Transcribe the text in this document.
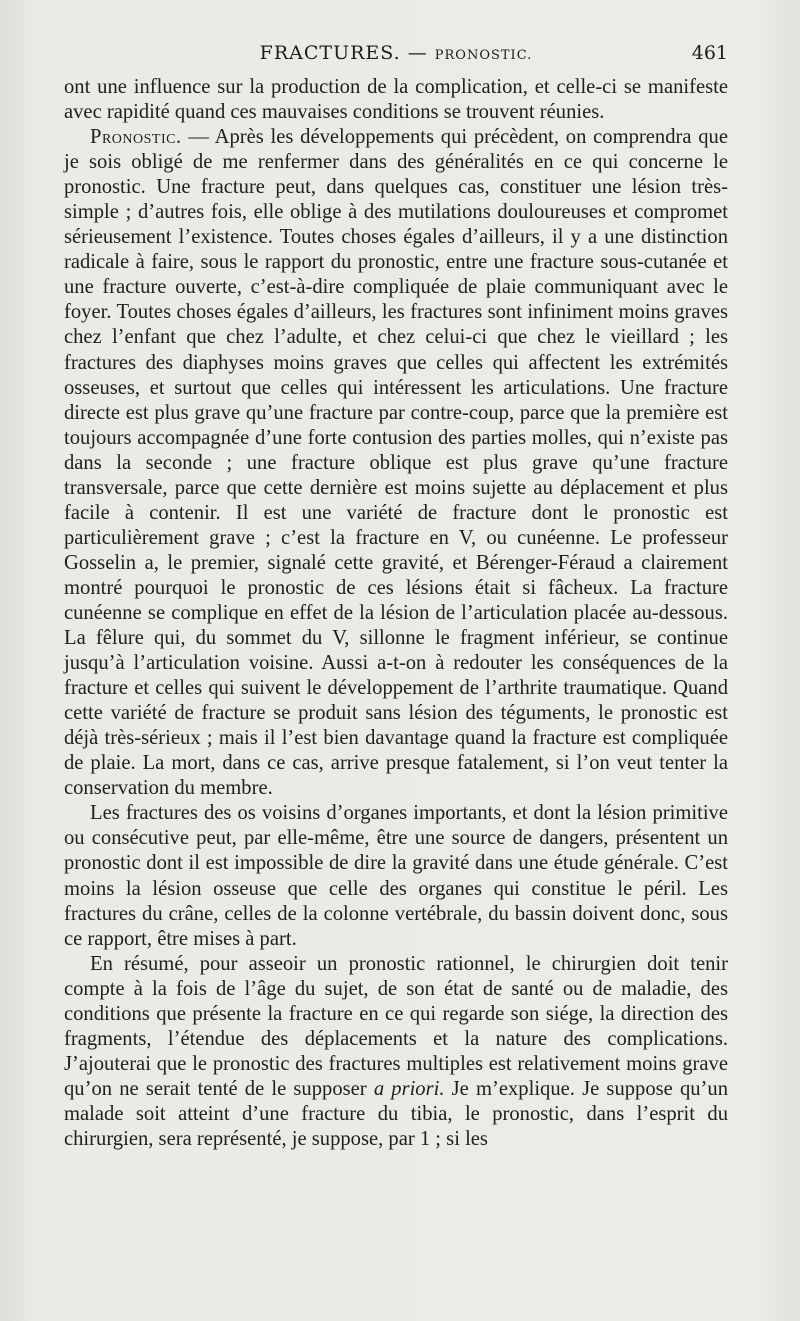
FRACTURES. — PRONOSTIC.	461

ont une influence sur la production de la complication, et celle-ci se manifeste avec rapidité quand ces mauvaises conditions se trouvent réunies.

Pronostic. — Après les développements qui précèdent, on comprendra que je sois obligé de me renfermer dans des généralités en ce qui concerne le pronostic. Une fracture peut, dans quelques cas, constituer une lésion très-simple ; d’autres fois, elle oblige à des mutilations douloureuses et compromet sérieusement l’existence. Toutes choses égales d’ailleurs, il y a une distinction radicale à faire, sous le rapport du pronostic, entre une fracture sous-cutanée et une fracture ouverte, c’est-à-dire compliquée de plaie communiquant avec le foyer. Toutes choses égales d’ailleurs, les fractures sont infiniment moins graves chez l’enfant que chez l’adulte, et chez celui-ci que chez le vieillard ; les fractures des diaphyses moins graves que celles qui affectent les extrémités osseuses, et surtout que celles qui intéressent les articulations. Une fracture directe est plus grave qu’une fracture par contre-coup, parce que la première est toujours accompagnée d’une forte contusion des parties molles, qui n’existe pas dans la seconde ; une fracture oblique est plus grave qu’une fracture transversale, parce que cette dernière est moins sujette au déplacement et plus facile à contenir. Il est une variété de fracture dont le pronostic est particulièrement grave ; c’est la fracture en V, ou cunéenne. Le professeur Gosselin a, le premier, signalé cette gravité, et Bérenger-Féraud a clairement montré pourquoi le pronostic de ces lésions était si fâcheux. La fracture cunéenne se complique en effet de la lésion de l’articulation placée au-dessous. La fêlure qui, du sommet du V, sillonne le fragment inférieur, se continue jusqu’à l’articulation voisine. Aussi a-t-on à redouter les conséquences de la fracture et celles qui suivent le développement de l’arthrite traumatique. Quand cette variété de fracture se produit sans lésion des téguments, le pronostic est déjà très-sérieux ; mais il l’est bien davantage quand la fracture est compliquée de plaie. La mort, dans ce cas, arrive presque fatalement, si l’on veut tenter la conservation du membre.

Les fractures des os voisins d’organes importants, et dont la lésion primitive ou consécutive peut, par elle-même, être une source de dangers, présentent un pronostic dont il est impossible de dire la gravité dans une étude générale. C’est moins la lésion osseuse que celle des organes qui constitue le péril. Les fractures du crâne, celles de la colonne vertébrale, du bassin doivent donc, sous ce rapport, être mises à part.

En résumé, pour asseoir un pronostic rationnel, le chirurgien doit tenir compte à la fois de l’âge du sujet, de son état de santé ou de maladie, des conditions que présente la fracture en ce qui regarde son siége, la direction des fragments, l’étendue des déplacements et la nature des complications. J’ajouterai que le pronostic des fractures multiples est relativement moins grave qu’on ne serait tenté de le supposer a priori. Je m’explique. Je suppose qu’un malade soit atteint d’une fracture du tibia, le pronostic, dans l’esprit du chirurgien, sera représenté, je suppose, par 1 ; si les
